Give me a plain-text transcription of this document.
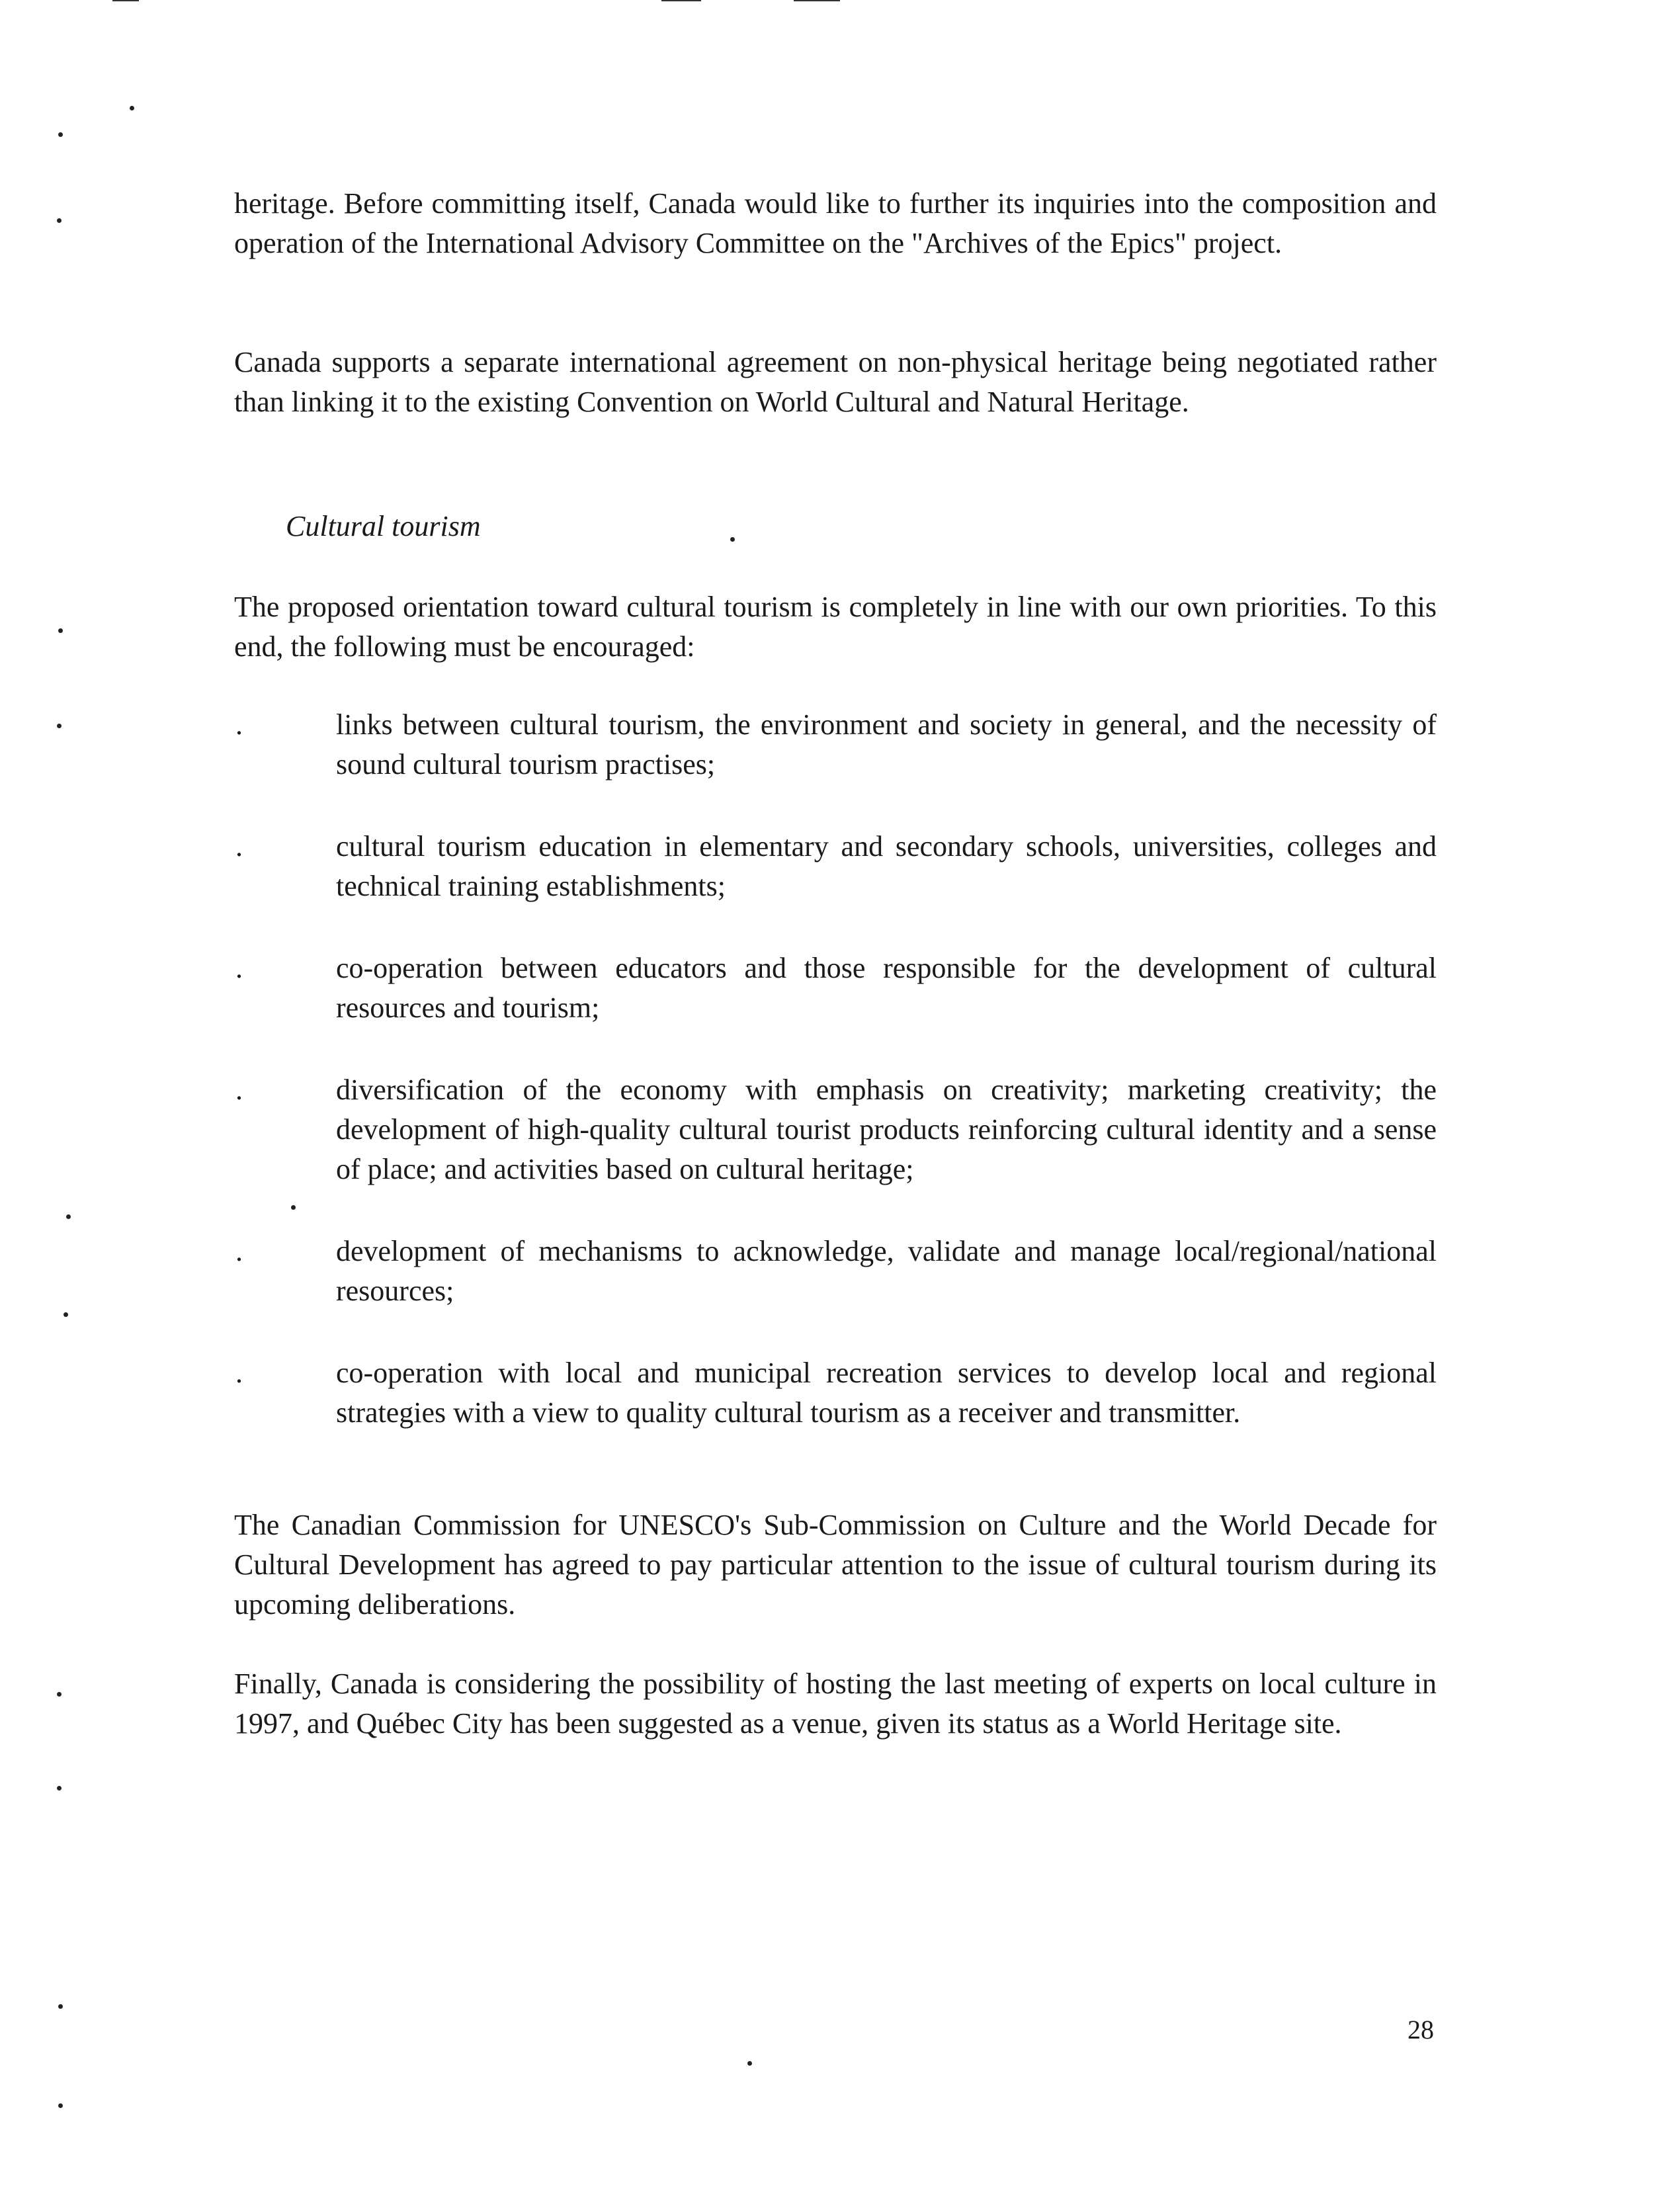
heritage. Before committing itself, Canada would like to further its inquiries into the composition and operation of the International Advisory Committee on the "Archives of the Epics" project.

Canada supports a separate international agreement on non-physical heritage being negotiated rather than linking it to the existing Convention on World Cultural and Natural Heritage.

Cultural tourism

The proposed orientation toward cultural tourism is completely in line with our own priorities. To this end, the following must be encouraged:

.	links between cultural tourism, the environment and society in general, and the necessity of sound cultural tourism practises;
.	cultural tourism education in elementary and secondary schools, universities, colleges and technical training establishments;
.	co-operation between educators and those responsible for the development of cultural resources and tourism;
.	diversification of the economy with emphasis on creativity; marketing creativity; the development of high-quality cultural tourist products reinforcing cultural identity and a sense of place; and activities based on cultural heritage;
.	development of mechanisms to acknowledge, validate and manage local/regional/national resources;
.	co-operation with local and municipal recreation services to develop local and regional strategies with a view to quality cultural tourism as a receiver and transmitter.

The Canadian Commission for UNESCO's Sub-Commission on Culture and the World Decade for Cultural Development has agreed to pay particular attention to the issue of cultural tourism during its upcoming deliberations.

Finally, Canada is considering the possibility of hosting the last meeting of experts on local culture in 1997, and Québec City has been suggested as a venue, given its status as a World Heritage site.

28
